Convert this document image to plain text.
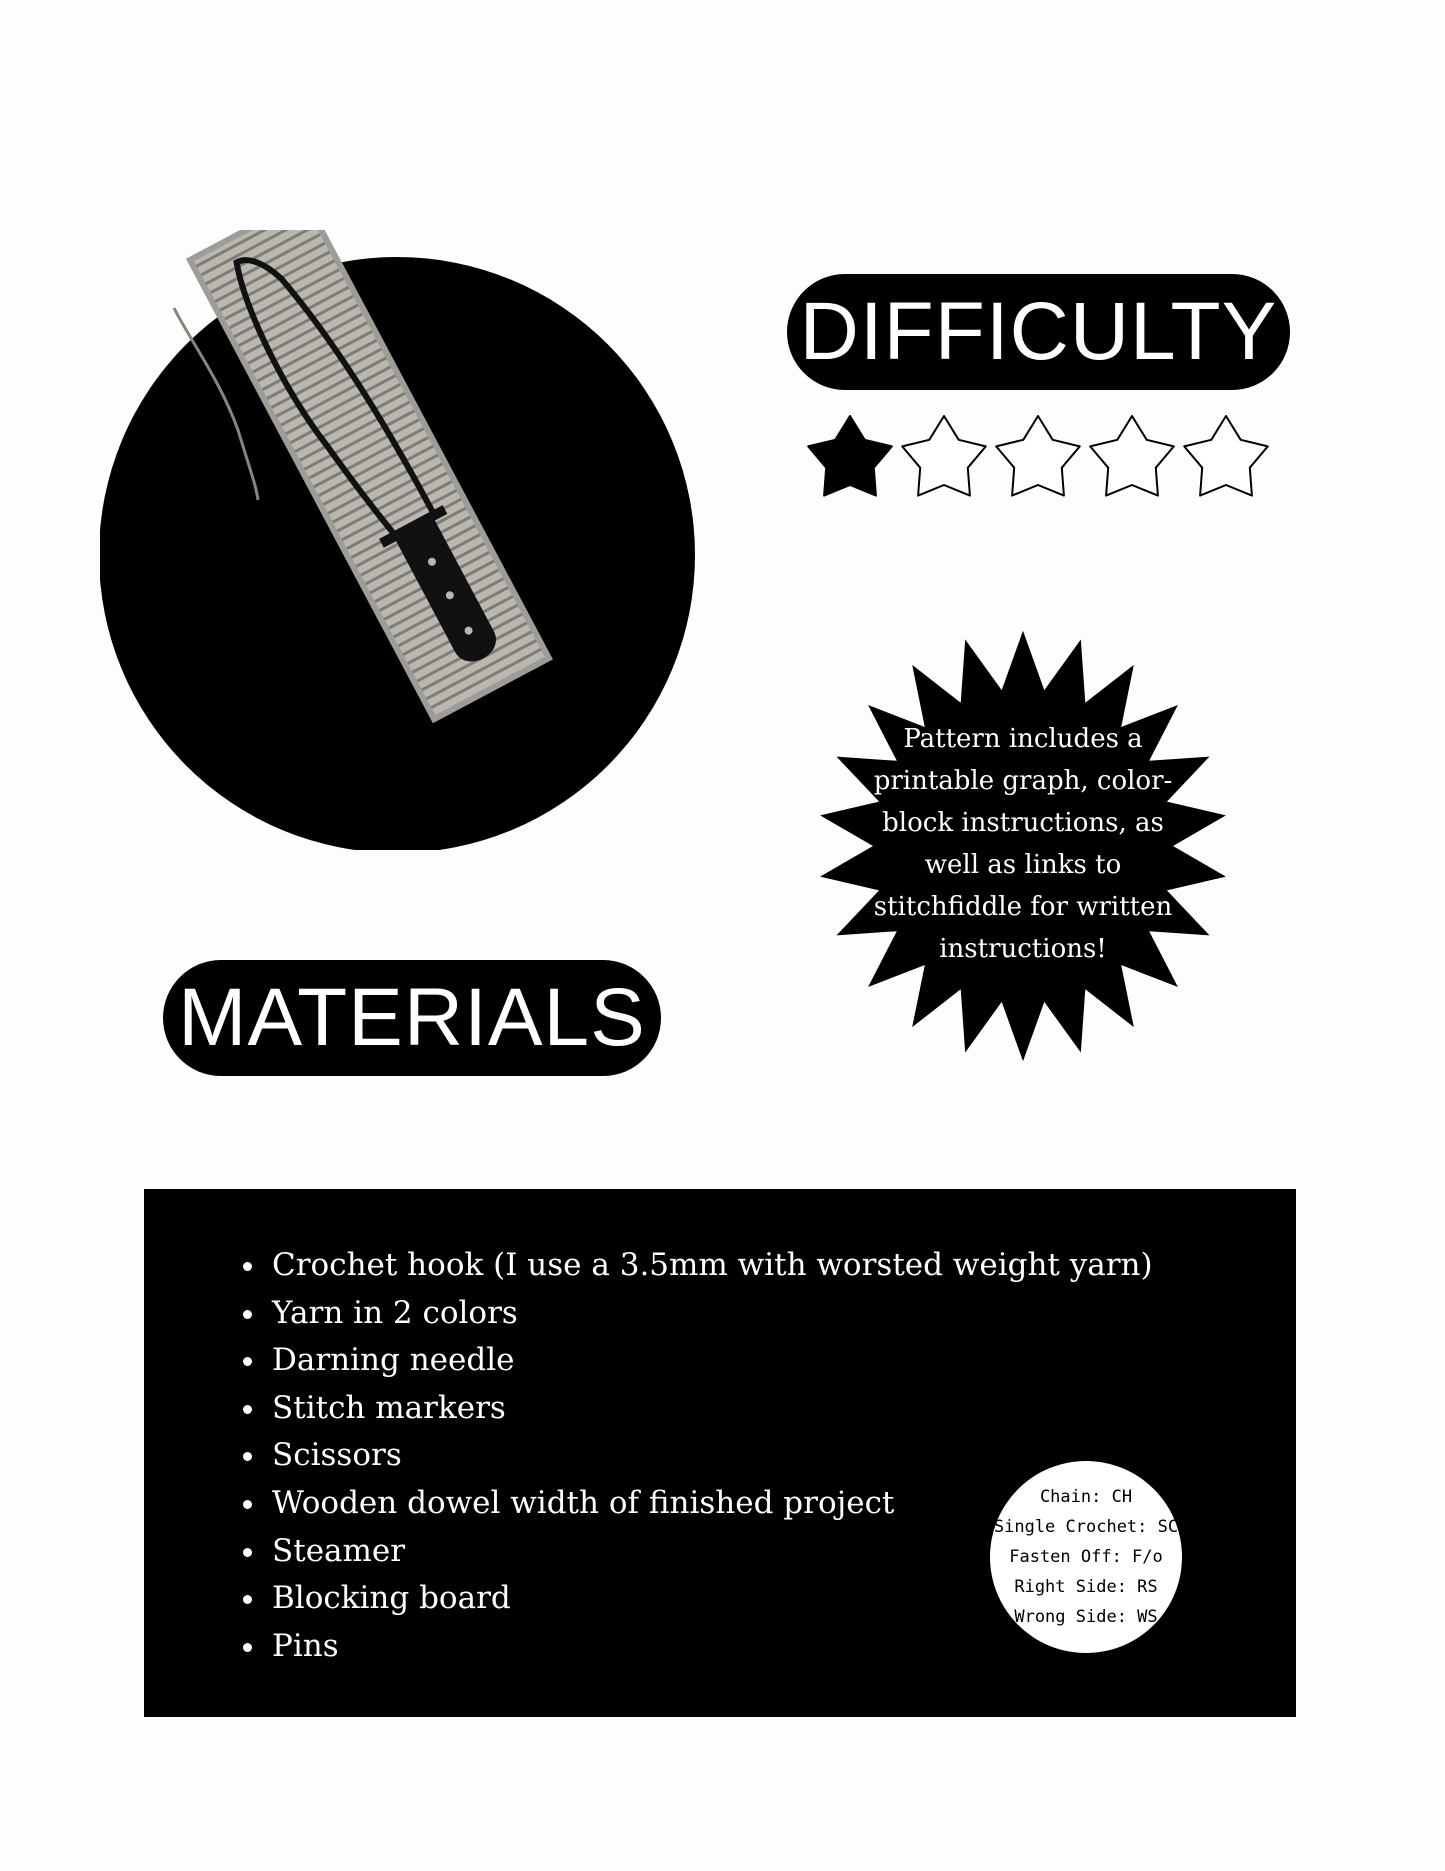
DIFFICULTY
Pattern includes a printable graph, color-block instructions, as well as links to stitchfiddle for written instructions!
MATERIALS
• Crochet hook (I use a 3.5mm with worsted weight yarn)
• Yarn in 2 colors
• Darning needle
• Stitch markers
• Scissors
• Wooden dowel width of finished project
• Steamer
• Blocking board
• Pins
Chain: CH
Single Crochet: SC
Fasten Off: F/o
Right Side: RS
Wrong Side: WS
